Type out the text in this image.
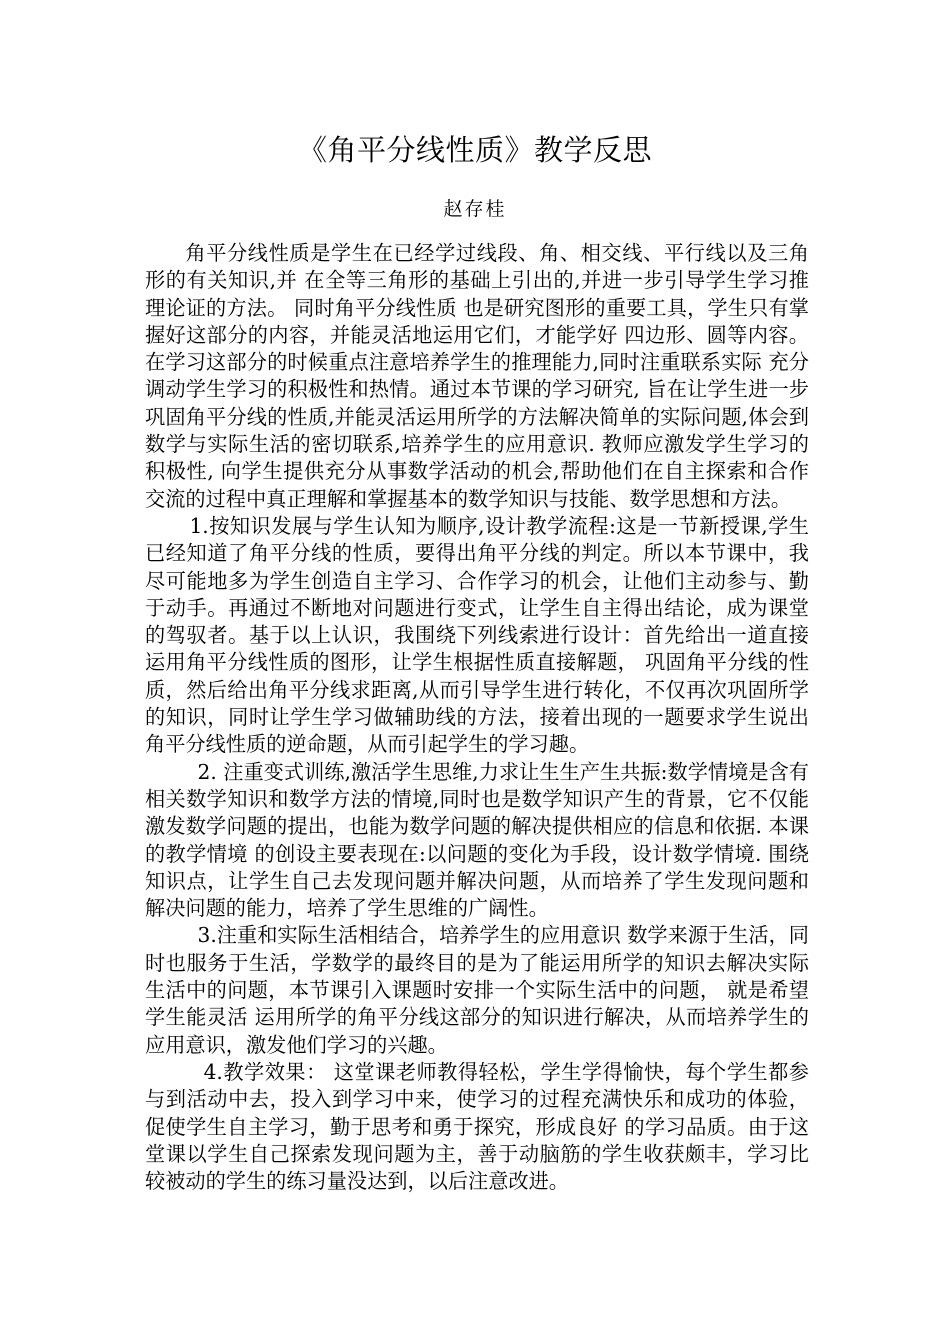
《角平分线性质》教学反思
赵存桂

角平分线性质是学生在已经学过线段、角、相交线、平行线以及三角形的有关知识,并 在全等三角形的基础上引出的,并进一步引导学生学习推理论证的方法。 同时角平分线性质 也是研究图形的重要工具，学生只有掌握好这部分的内容，并能灵活地运用它们，才能学好 四边形、圆等内容。在学习这部分的时候重点注意培养学生的推理能力,同时注重联系实际 充分调动学生学习的积极性和热情。通过本节课的学习研究, 旨在让学生进一步巩固角平分线的性质,并能灵活运用所学的方法解决简单的实际问题,体会到数学与实际生活的密切联系,培养学生的应用意识. 教师应激发学生学习的积极性, 向学生提供充分从事数学活动的机会,帮助他们在自主探索和合作交流的过程中真正理解和掌握基本的数学知识与技能、数学思想和方法。

1.按知识发展与学生认知为顺序,设计教学流程:这是一节新授课,学生已经知道了角平分线的性质，要得出角平分线的判定。所以本节课中，我尽可能地多为学生创造自主学习、合作学习的机会，让他们主动参与、勤于动手。再通过不断地对问题进行变式，让学生自主得出结论，成为课堂的驾驭者。基于以上认识，我围绕下列线索进行设计：首先给出一道直接运用角平分线性质的图形，让学生根据性质直接解题， 巩固角平分线的性质，然后给出角平分线求距离,从而引导学生进行转化，不仅再次巩固所学的知识，同时让学生学习做辅助线的方法，接着出现的一题要求学生说出角平分线性质的逆命题，从而引起学生的学习趣。

2. 注重变式训练,激活学生思维,力求让生生产生共振:数学情境是含有相关数学知识和数学方法的情境,同时也是数学知识产生的背景，它不仅能激发数学问题的提出，也能为数学问题的解决提供相应的信息和依据. 本课的教学情境 的创设主要表现在:以问题的变化为手段，设计数学情境. 围绕知识点，让学生自己去发现问题并解决问题，从而培养了学生发现问题和解决问题的能力，培养了学生思维的广阔性。

3.注重和实际生活相结合，培养学生的应用意识 数学来源于生活，同时也服务于生活，学数学的最终目的是为了能运用所学的知识去解决实际生活中的问题，本节课引入课题时安排一个实际生活中的问题， 就是希望学生能灵活 运用所学的角平分线这部分的知识进行解决，从而培养学生的应用意识，激发他们学习的兴趣。

4.教学效果： 这堂课老师教得轻松，学生学得愉快，每个学生都参与到活动中去，投入到学习中来，使学习的过程充满快乐和成功的体验，促使学生自主学习，勤于思考和勇于探究，形成良好 的学习品质。由于这堂课以学生自己探索发现问题为主，善于动脑筋的学生收获颇丰，学习比较被动的学生的练习量没达到，以后注意改进。
